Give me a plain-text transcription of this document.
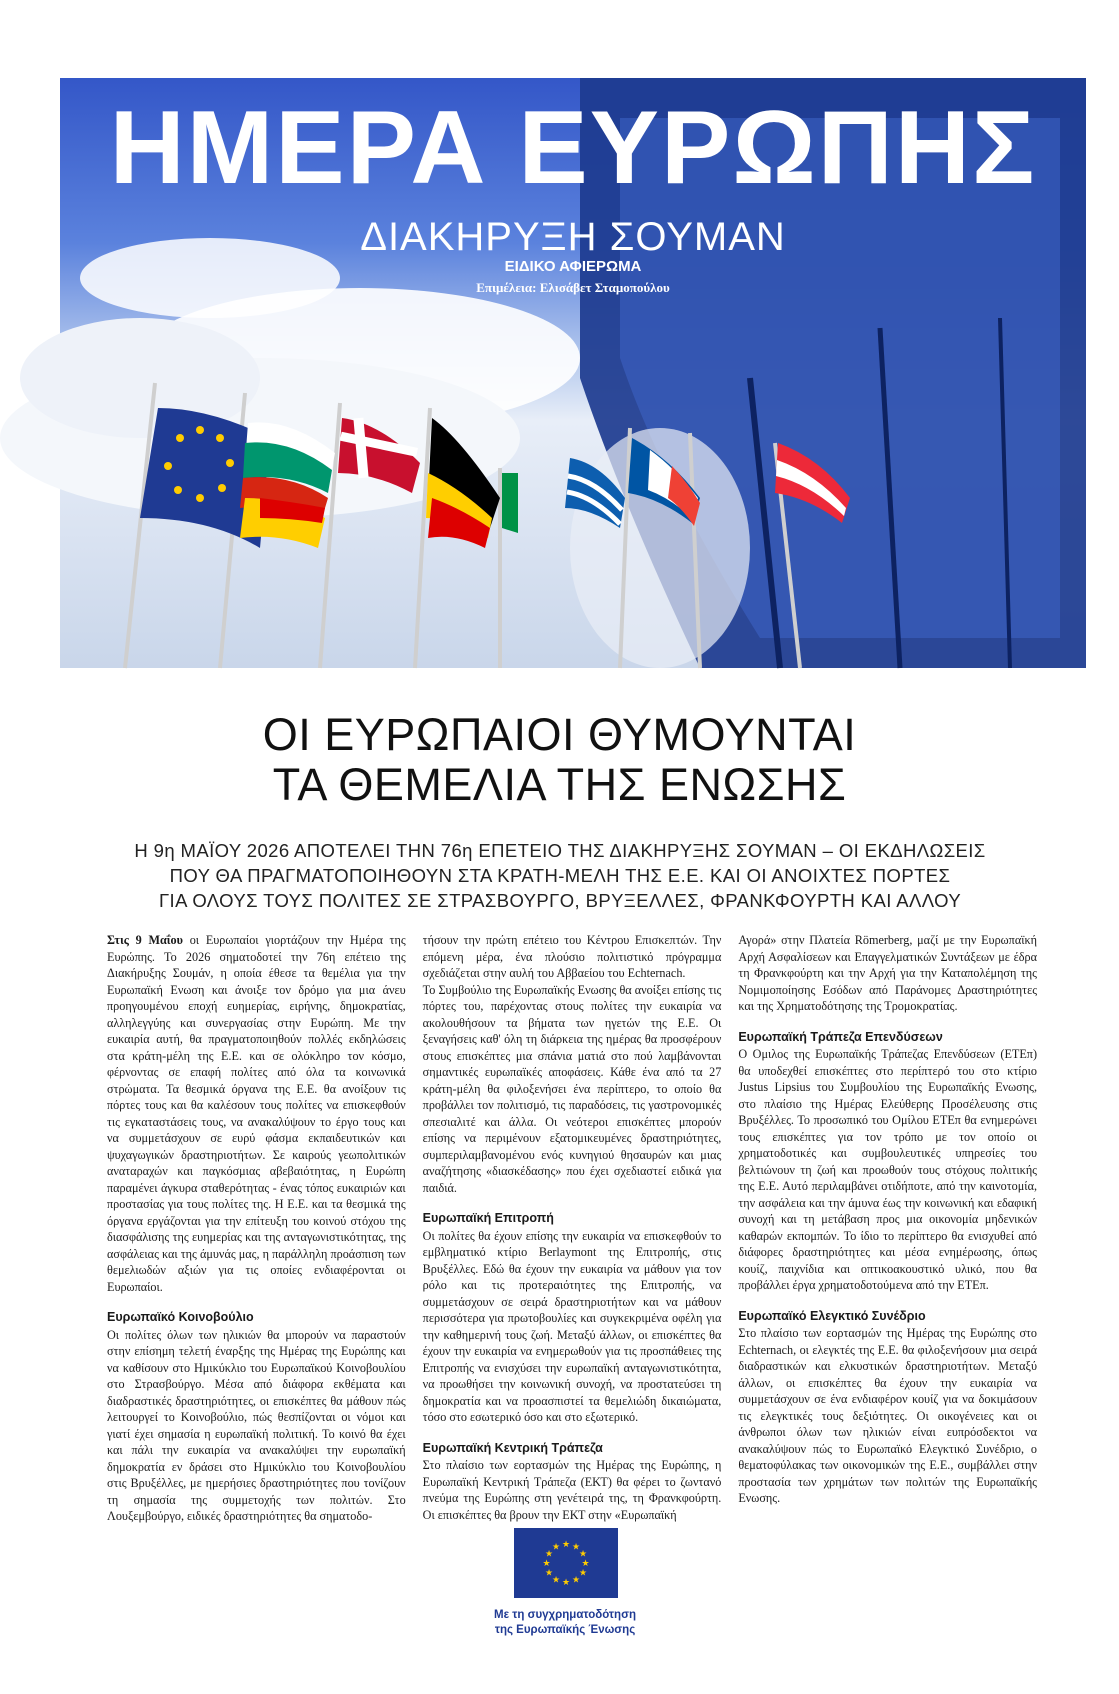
ΗΜΕΡΑ ΕΥΡΩΠΗΣ
ΔΙΑΚΗΡΥΞΗ ΣΟΥΜΑΝ
ΕΙΔΙΚΟ ΑΦΙΕΡΩΜΑ
Επιμέλεια: Ελισάβετ Σταμοπούλου
ΟΙ ΕΥΡΩΠΑΙΟΙ ΘΥΜΟΥΝΤΑΙ
ΤΑ ΘΕΜΕΛΙΑ ΤΗΣ ΕΝΩΣΗΣ
Η 9η ΜΑΪΟΥ 2026 ΑΠΟΤΕΛΕΙ ΤΗΝ 76η ΕΠΕΤΕΙΟ ΤΗΣ ΔΙΑΚΗΡΥΞΗΣ ΣΟΥΜΑΝ – ΟΙ ΕΚΔΗΛΩΣΕΙΣ
ΠΟΥ ΘΑ ΠΡΑΓΜΑΤΟΠΟΙΗΘΟΥΝ ΣΤΑ ΚΡΑΤΗ-ΜΕΛΗ ΤΗΣ Ε.Ε. ΚΑΙ ΟΙ ΑΝΟΙΧΤΕΣ ΠΟΡΤΕΣ
ΓΙΑ ΟΛΟΥΣ ΤΟΥΣ ΠΟΛΙΤΕΣ ΣΕ ΣΤΡΑΣΒΟΥΡΓΟ, ΒΡΥΞΕΛΛΕΣ, ΦΡΑΝΚΦΟΥΡΤΗ ΚΑΙ ΑΛΛΟΥ

Στις 9 Μαΐου οι Ευρωπαίοι γιορτάζουν την Ημέρα της Ευρώπης. Το 2026 σηματοδοτεί την 76η επέτειο της Διακήρυξης Σουμάν, η οποία έθεσε τα θεμέλια για την Ευρωπαϊκή Ενωση και άνοιξε τον δρόμο για μια άνευ προηγουμένου εποχή ευημερίας, ειρήνης, δημοκρατίας, αλληλεγγύης και συνεργασίας στην Ευρώπη. Με την ευκαιρία αυτή, θα πραγματοποιηθούν πολλές εκδηλώσεις στα κράτη-μέλη της Ε.Ε. και σε ολόκληρο τον κόσμο, φέρνοντας σε επαφή πολίτες από όλα τα κοινωνικά στρώματα. Τα θεσμικά όργανα της Ε.Ε. θα ανοίξουν τις πόρτες τους και θα καλέσουν τους πολίτες να επισκεφθούν τις εγκαταστάσεις τους, να ανακαλύψουν το έργο τους και να συμμετάσχουν σε ευρύ φάσμα εκπαιδευτικών και ψυχαγωγικών δραστηριοτήτων. Σε καιρούς γεωπολιτικών αναταραχών και παγκόσμιας αβεβαιότητας, η Ευρώπη παραμένει άγκυρα σταθερότητας - ένας τόπος ευκαιριών και προστασίας για τους πολίτες της. Η Ε.Ε. και τα θεσμικά της όργανα εργάζονται για την επίτευξη του κοινού στόχου της διασφάλισης της ευημερίας και της ανταγωνιστικότητας, της ασφάλειας και της άμυνάς μας, η παράλληλη προάσπιση των θεμελιωδών αξιών για τις οποίες ενδιαφέρονται οι Ευρωπαίοι.

Ευρωπαϊκό Κοινοβούλιο

Οι πολίτες όλων των ηλικιών θα μπορούν να παραστούν στην επίσημη τελετή έναρξης της Ημέρας της Ευρώπης και να καθίσουν στο Ημικύκλιο του Ευρωπαϊκού Κοινοβουλίου στο Στρασβούργο. Μέσα από διάφορα εκθέματα και διαδραστικές δραστηριότητες, οι επισκέπτες θα μάθουν πώς λειτουργεί το Κοινοβούλιο, πώς θεσπίζονται οι νόμοι και γιατί έχει σημασία η ευρωπαϊκή πολιτική. Το κοινό θα έχει και πάλι την ευκαιρία να ανακαλύψει την ευρωπαϊκή δημοκρατία εν δράσει στο Ημικύκλιο του Κοινοβουλίου στις Βρυξέλλες, με ημερήσιες δραστηριότητες που τονίζουν τη σημασία της συμμετοχής των πολιτών. Στο Λουξεμβούργο, ειδικές δραστηριότητες θα σηματοδο-

τήσουν την πρώτη επέτειο του Κέντρου Επισκεπτών. Την επόμενη μέρα, ένα πλούσιο πολιτιστικό πρόγραμμα σχεδιάζεται στην αυλή του Αββαείου του Echternach.

Το Συμβούλιο της Ευρωπαϊκής Ενωσης θα ανοίξει επίσης τις πόρτες του, παρέχοντας στους πολίτες την ευκαιρία να ακολουθήσουν τα βήματα των ηγετών της Ε.Ε. Οι ξεναγήσεις καθ' όλη τη διάρκεια της ημέρας θα προσφέρουν στους επισκέπτες μια σπάνια ματιά στο πού λαμβάνονται σημαντικές ευρωπαϊκές αποφάσεις. Κάθε ένα από τα 27 κράτη-μέλη θα φιλοξενήσει ένα περίπτερο, το οποίο θα προβάλλει τον πολιτισμό, τις παραδόσεις, τις γαστρονομικές σπεσιαλιτέ και άλλα. Οι νεότεροι επισκέπτες μπορούν επίσης να περιμένουν εξατομικευμένες δραστηριότητες, συμπεριλαμβανομένου ενός κυνηγιού θησαυρών και μιας αναζήτησης «διασκέδασης» που έχει σχεδιαστεί ειδικά για παιδιά.

Ευρωπαϊκή Επιτροπή

Οι πολίτες θα έχουν επίσης την ευκαιρία να επισκεφθούν το εμβληματικό κτίριο Berlaymont της Επιτροπής, στις Βρυξέλλες. Εδώ θα έχουν την ευκαιρία να μάθουν για τον ρόλο και τις προτεραιότητες της Επιτροπής, να συμμετάσχουν σε σειρά δραστηριοτήτων και να μάθουν περισσότερα για πρωτοβουλίες και συγκεκριμένα οφέλη για την καθημερινή τους ζωή. Μεταξύ άλλων, οι επισκέπτες θα έχουν την ευκαιρία να ενημερωθούν για τις προσπάθειες της Επιτροπής να ενισχύσει την ευρωπαϊκή ανταγωνιστικότητα, να προωθήσει την κοινωνική συνοχή, να προστατεύσει τη δημοκρατία και να προασπιστεί τα θεμελιώδη δικαιώματα, τόσο στο εσωτερικό όσο και στο εξωτερικό.

Ευρωπαϊκή Κεντρική Τράπεζα

Στο πλαίσιο των εορτασμών της Ημέρας της Ευρώπης, η Ευρωπαϊκή Κεντρική Τράπεζα (ΕΚΤ) θα φέρει το ζωντανό πνεύμα της Ευρώπης στη γενέτειρά της, τη Φρανκφούρτη. Οι επισκέπτες θα βρουν την ΕΚΤ στην «Ευρωπαϊκή

Αγορά» στην Πλατεία Römerberg, μαζί με την Ευρωπαϊκή Αρχή Ασφαλίσεων και Επαγγελματικών Συντάξεων με έδρα τη Φρανκφούρτη και την Αρχή για την Καταπολέμηση της Νομιμοποίησης Εσόδων από Παράνομες Δραστηριότητες και της Χρηματοδότησης της Τρομοκρατίας.

Ευρωπαϊκή Τράπεζα Επενδύσεων

Ο Ομιλος της Ευρωπαϊκής Τράπεζας Επενδύσεων (ΕΤΕπ) θα υποδεχθεί επισκέπτες στο περίπτερό του στο κτίριο Justus Lipsius του Συμβουλίου της Ευρωπαϊκής Ενωσης, στο πλαίσιο της Ημέρας Ελεύθερης Προσέλευσης στις Βρυξέλλες. Το προσωπικό του Ομίλου ΕΤΕπ θα ενημερώνει τους επισκέπτες για τον τρόπο με τον οποίο οι χρηματοδοτικές και συμβουλευτικές υπηρεσίες του βελτιώνουν τη ζωή και προωθούν τους στόχους πολιτικής της Ε.Ε. Αυτό περιλαμβάνει οτιδήποτε, από την καινοτομία, την ασφάλεια και την άμυνα έως την κοινωνική και εδαφική συνοχή και τη μετάβαση προς μια οικονομία μηδενικών καθαρών εκπομπών. Το ίδιο το περίπτερο θα ενισχυθεί από διάφορες δραστηριότητες και μέσα ενημέρωσης, όπως κουίζ, παιχνίδια και οπτικοακουστικό υλικό, που θα προβάλλει έργα χρηματοδοτούμενα από την ΕΤΕπ.

Ευρωπαϊκό Ελεγκτικό Συνέδριο

Στο πλαίσιο των εορτασμών της Ημέρας της Ευρώπης στο Echternach, οι ελεγκτές της Ε.Ε. θα φιλοξενήσουν μια σειρά διαδραστικών και ελκυστικών δραστηριοτήτων. Μεταξύ άλλων, οι επισκέπτες θα έχουν την ευκαιρία να συμμετάσχουν σε ένα ενδιαφέρον κουίζ για να δοκιμάσουν τις ελεγκτικές τους δεξιότητες. Οι οικογένειες και οι άνθρωποι όλων των ηλικιών είναι ευπρόσδεκτοι να ανακαλύψουν πώς το Ευρωπαϊκό Ελεγκτικό Συνέδριο, ο θεματοφύλακας των οικονομικών της Ε.Ε., συμβάλλει στην προστασία των χρημάτων των πολιτών της Ευρωπαϊκής Ενωσης.

★ ★
★
★
★
★
★
★
★
★
★
★
Με τη συγχρηματοδότηση
της Ευρωπαϊκής Ένωσης
